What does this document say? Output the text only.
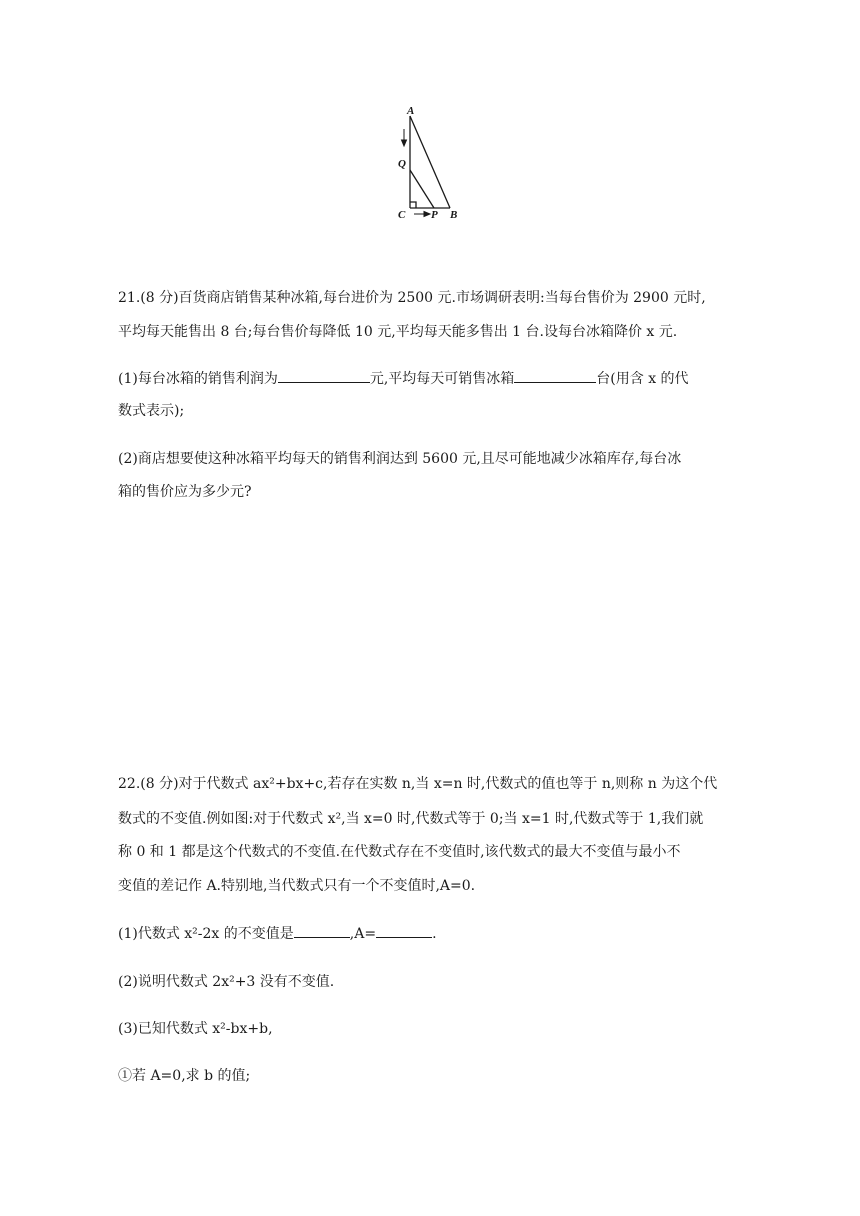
A
Q
C P B

21.(8 分)百货商店销售某种冰箱,每台进价为 2500 元.市场调研表明:当每台售价为 2900 元时,

平均每天能售出 8 台;每台售价每降低 10 元,平均每天能多售出 1 台.设每台冰箱降价 x 元.

(1)每台冰箱的销售利润为	元,平均每天可销售冰箱	台(用含 x 的代

数式表示);

(2)商店想要使这种冰箱平均每天的销售利润达到 5600 元,且尽可能地减少冰箱库存,每台冰

箱的售价应为多少元?

22.(8 分)对于代数式 ax²+bx+c,若存在实数 n,当 x=n 时,代数式的值也等于 n,则称 n 为这个代

数式的不变值.例如图:对于代数式 x²,当 x=0 时,代数式等于 0;当 x=1 时,代数式等于 1,我们就

称 0 和 1 都是这个代数式的不变值.在代数式存在不变值时,该代数式的最大不变值与最小不

变值的差记作 A.特别地,当代数式只有一个不变值时,A=0.

(1)代数式 x²-2x 的不变值是	,A=	.

(2)说明代数式 2x²+3 没有不变值.

(3)已知代数式 x²-bx+b,

①若 A=0,求 b 的值;
